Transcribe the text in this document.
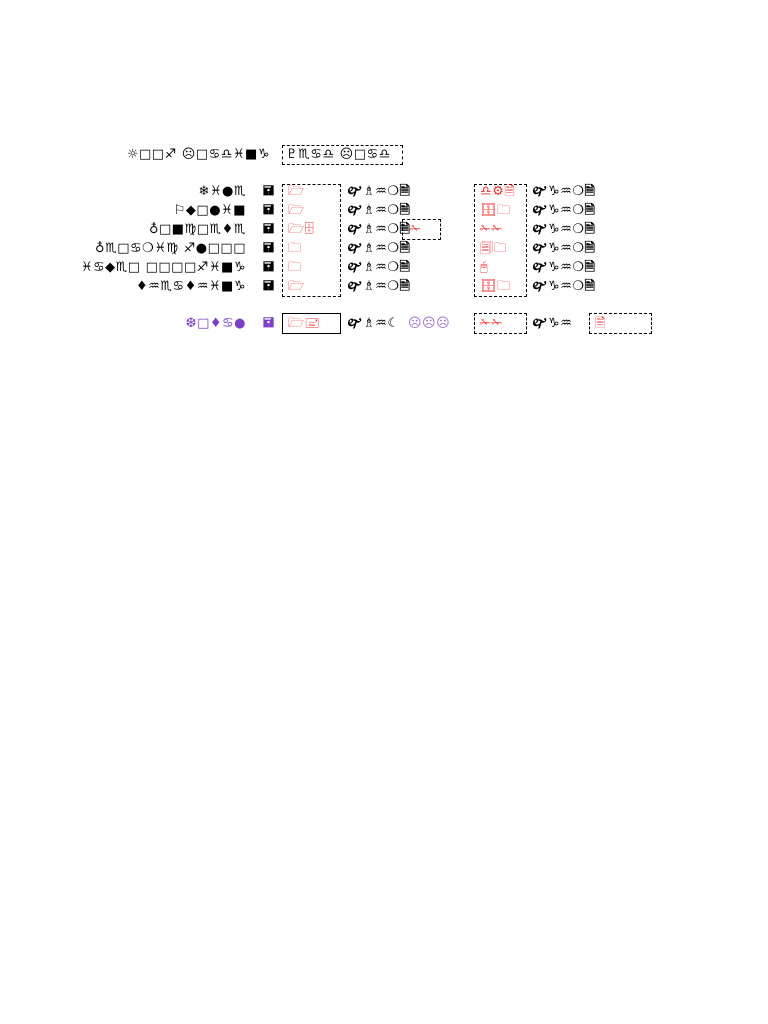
☼□□♐ ☹□♋♎♓■♑ ♇♏♋♎ ☹□♋♎
❄♓●♏ 🖬	🗁	🙰♗♒❍🗎	♎⚙🗎	🙰♑♒❍🗎
⚐◆□●♓■ 🖬	🗁	🙰♗♒❍🗎	🗄🗀	🙰♑♒❍🗎
♁□■♍□♏♦♏ 🖬	🗁🗄	🙰♗♒❍🗎 ✁	✁✁	🙰♑♒❍🗎
♁♏□♋❍♓♍ ♐●□□□ 🖬	🗀	🙰♗♒❍🗎	🗐🗀	🙰♑♒❍🗎
♓♋◆♏□ □□□□♐♓■♑ 🖬	🗀	🙰♗♒❍🗎	🖰	🙰♑♒❍🗎
♦♒♏♋♦♒♓■♑ 🖬	🗁	🙰♗♒❍🗎	🗄🗀	🙰♑♒❍🗎
❆□♦♋● 🖬	🗁🖃	🙰♗♒☾ ☹☹☹	✁✁	🙰♑♒	🗎
